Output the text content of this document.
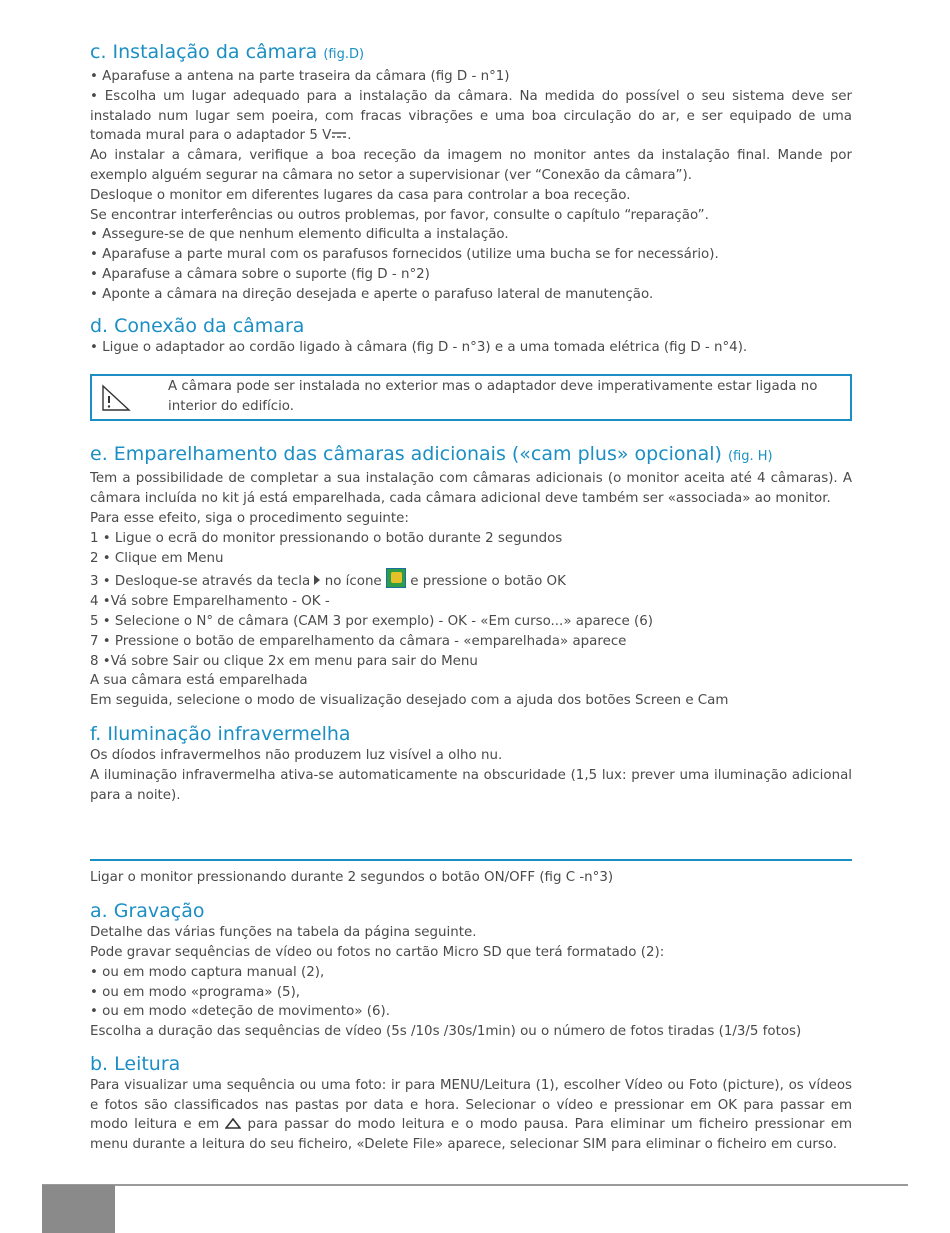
c. Instalação da câmara (fig.D)

• Aparafuse a antena na parte traseira da câmara (fig D - n°1)

• Escolha um lugar adequado para a instalação da câmara. Na medida do possível o seu sistema deve ser instalado num lugar sem poeira, com fracas vibrações e uma boa circulação do ar, e ser equipado de uma tomada mural para o adaptador 5 V .

Ao instalar a câmara, verifique a boa receção da imagem no monitor antes da instalação final. Mande por exemplo alguém segurar na câmara no setor a supervisionar (ver “Conexão da câmara”).

Desloque o monitor em diferentes lugares da casa para controlar a boa receção.

Se encontrar interferências ou outros problemas, por favor, consulte o capítulo “reparação”.

• Assegure-se de que nenhum elemento dificulta a instalação.

• Aparafuse a parte mural com os parafusos fornecidos (utilize uma bucha se for necessário).

• Aparafuse a câmara sobre o suporte (fig D - n°2)

• Aponte a câmara na direção desejada e aperte o parafuso lateral de manutenção.

d. Conexão da câmara

• Ligue o adaptador ao cordão ligado à câmara (fig D - n°3) e a uma tomada elétrica (fig D - n°4).

A câmara pode ser instalada no exterior mas o adaptador deve imperativamente estar ligada no interior do edifício.
e. Emparelhamento das câmaras adicionais («cam plus» opcional) (fig. H)

Tem a possibilidade de completar a sua instalação com câmaras adicionais (o monitor aceita até 4 câmaras). A câmara incluída no kit já está emparelhada, cada câmara adicional deve também ser «associada» ao monitor.

Para esse efeito, siga o procedimento seguinte:

1 • Ligue o ecrã do monitor pressionando o botão durante 2 segundos

2 • Clique em Menu

3 • Desloque-se através da tecla no ícone e pressione o botão OK

4 •Vá sobre Emparelhamento - OK -

5 • Selecione o N° de câmara (CAM 3 por exemplo) - OK - «Em curso...» aparece (6)

7 • Pressione o botão de emparelhamento da câmara - «emparelhada» aparece

8 •Vá sobre Sair ou clique 2x em menu para sair do Menu

A sua câmara está emparelhada

Em seguida, selecione o modo de visualização desejado com a ajuda dos botões Screen e Cam

f. Iluminação infravermelha

Os díodos infravermelhos não produzem luz visível a olho nu.

A iluminação infravermelha ativa-se automaticamente na obscuridade (1,5 lux: prever uma iluminação adicional para a noite).

Ligar o monitor pressionando durante 2 segundos o botão ON/OFF (fig C -n°3)

a. Gravação

Detalhe das várias funções na tabela da página seguinte.

Pode gravar sequências de vídeo ou fotos no cartão Micro SD que terá formatado (2):

• ou em modo captura manual (2),

• ou em modo «programa» (5),

• ou em modo «deteção de movimento» (6).

Escolha a duração das sequências de vídeo (5s /10s /30s/1min) ou o número de fotos tiradas (1/3/5 fotos)

b. Leitura

Para visualizar uma sequência ou uma foto: ir para MENU/Leitura (1), escolher Vídeo ou Foto (picture), os vídeos e fotos são classificados nas pastas por data e hora. Selecionar o vídeo e pressionar em OK para passar em modo leitura e em para passar do modo leitura e o modo pausa. Para eliminar um ficheiro pressionar em menu durante a leitura do seu ficheiro, «Delete File» aparece, selecionar SIM para eliminar o ficheiro em curso.
